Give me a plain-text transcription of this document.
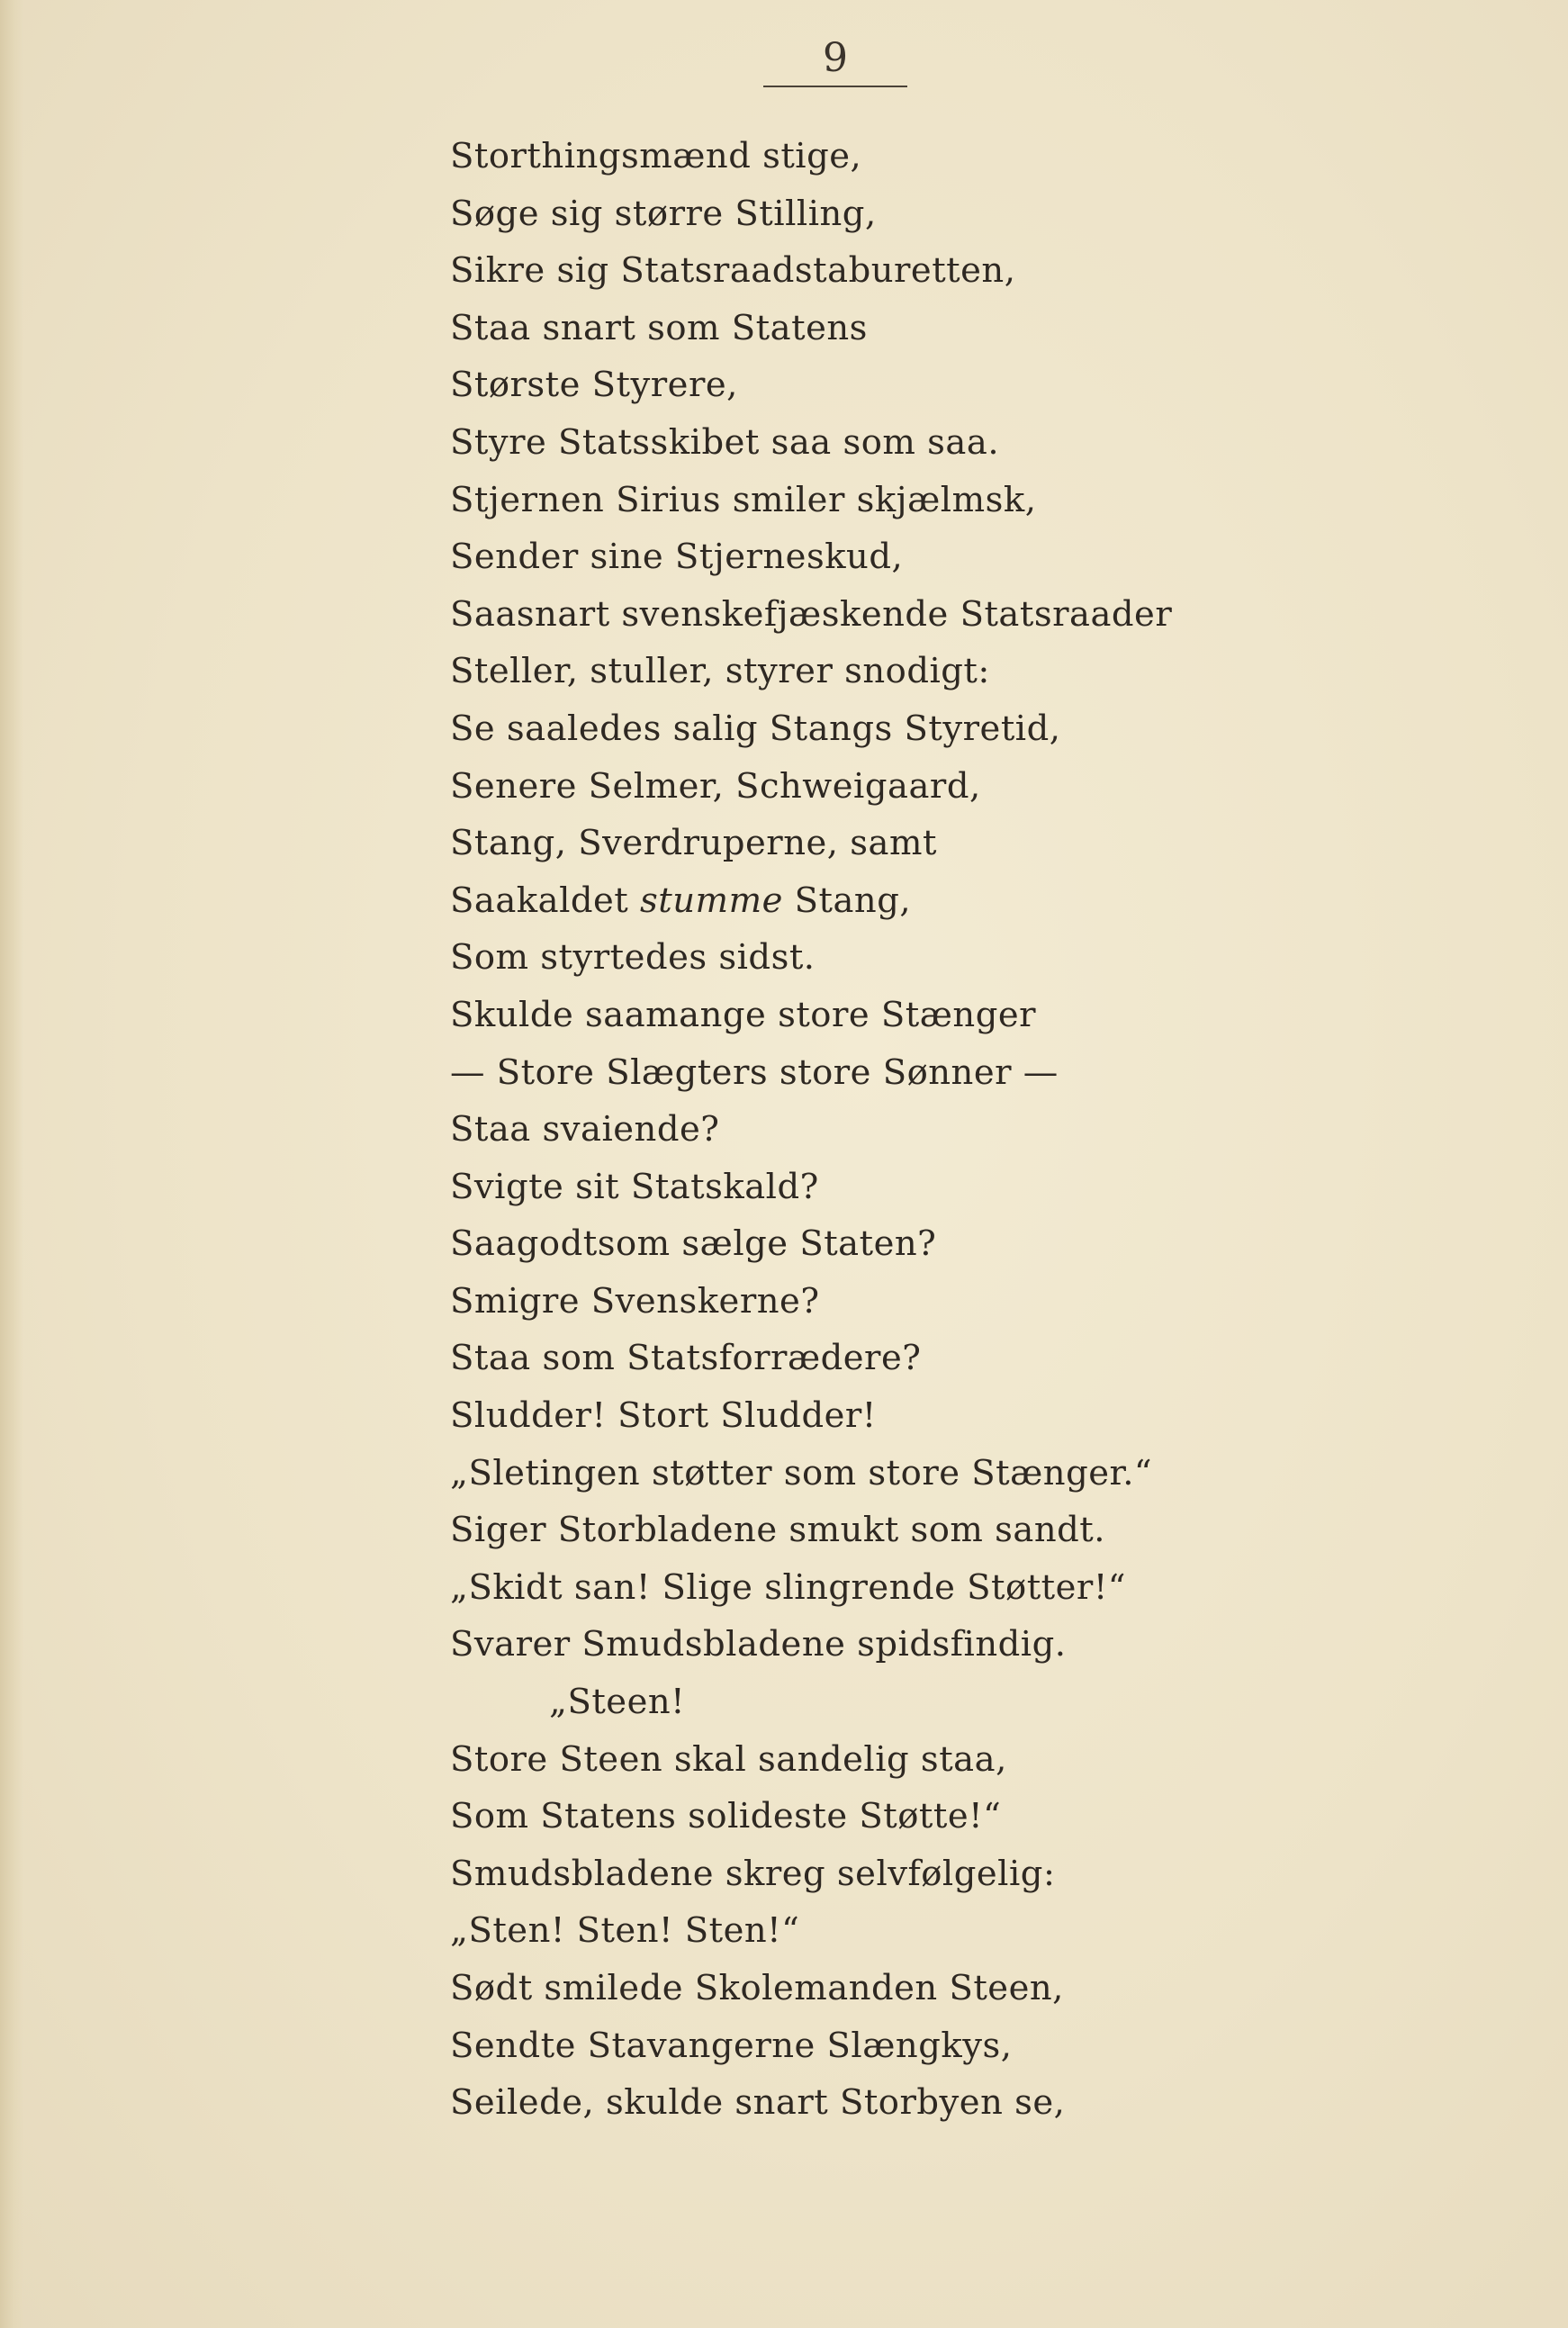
9
Storthingsmænd stige,
Søge sig større Stilling,
Sikre sig Statsraadstaburetten,
Staa snart som Statens
Største Styrere,
Styre Statsskibet saa som saa.
Stjernen Sirius smiler skjælmsk,
Sender sine Stjerneskud,
Saasnart svenskefjæskende Statsraader
Steller, stuller, styrer snodigt:
Se saaledes salig Stangs Styretid,
Senere Selmer, Schweigaard,
Stang, Sverdruperne, samt
Saakaldet stumme Stang,
Som styrtedes sidst.
Skulde saamange store Stænger
— Store Slægters store Sønner —
Staa svaiende?
Svigte sit Statskald?
Saagodtsom sælge Staten?
Smigre Svenskerne?
Staa som Statsforrædere?
Sludder! Stort Sludder!
„Sletingen støtter som store Stænger.“
Siger Storbladene smukt som sandt.
„Skidt san! Slige slingrende Støtter!“
Svarer Smudsbladene spidsfindig.
„Steen!
Store Steen skal sandelig staa,
Som Statens solideste Støtte!“
Smudsbladene skreg selvfølgelig:
„Sten! Sten! Sten!“
Sødt smilede Skolemanden Steen,
Sendte Stavangerne Slængkys,
Seilede, skulde snart Storbyen se,
